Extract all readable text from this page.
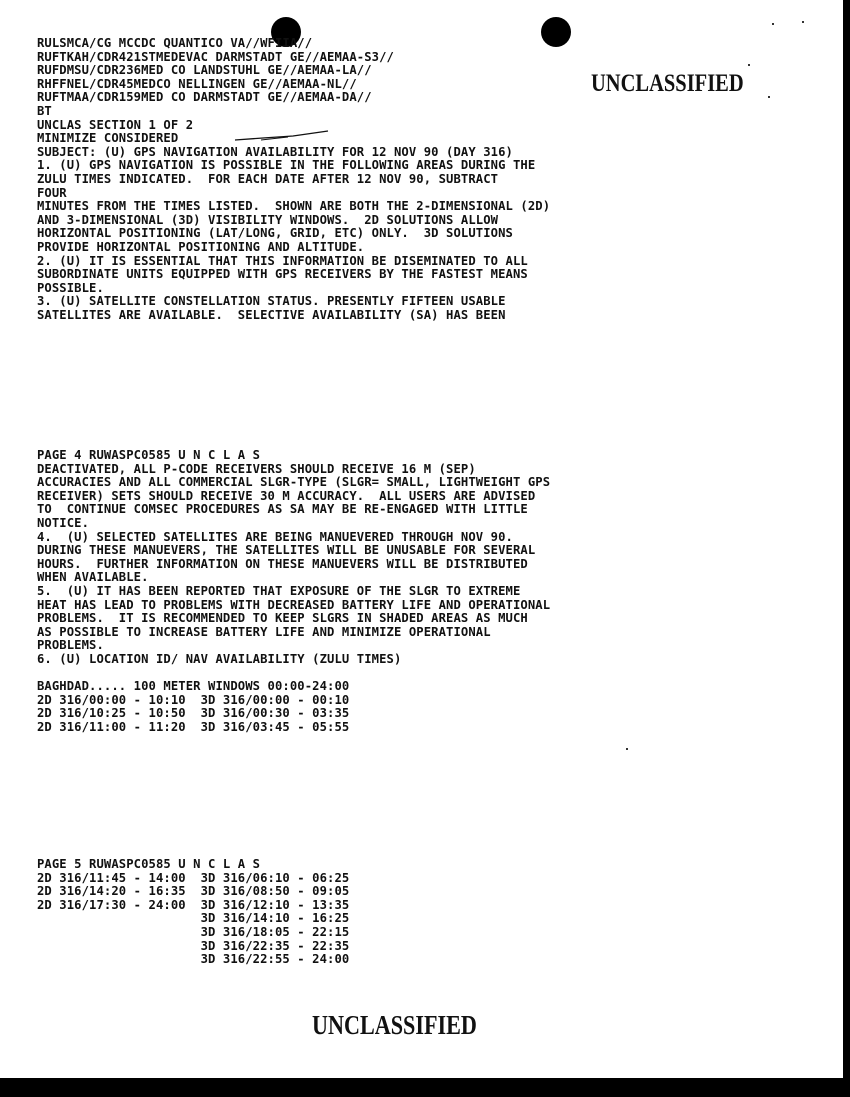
RULSMCA/CG MCCDC QUANTICO VA//WFIIA//
RUFTKAH/CDR421STMEDEVAC DARMSTADT GE//AEMAA-S3//
RUFDMSU/CDR236MED CO LANDSTUHL GE//AEMAA-LA//
RHFFNEL/CDR45MEDCO NELLINGEN GE//AEMAA-NL//
RUFTMAA/CDR159MED CO DARMSTADT GE//AEMAA-DA//
BT
UNCLAS SECTION 1 OF 2
MINIMIZE CONSIDERED
SUBJECT: (U) GPS NAVIGATION AVAILABILITY FOR 12 NOV 90 (DAY 316)
1. (U) GPS NAVIGATION IS POSSIBLE IN THE FOLLOWING AREAS DURING THE
ZULU TIMES INDICATED.  FOR EACH DATE AFTER 12 NOV 90, SUBTRACT
FOUR
MINUTES FROM THE TIMES LISTED.  SHOWN ARE BOTH THE 2-DIMENSIONAL (2D)
AND 3-DIMENSIONAL (3D) VISIBILITY WINDOWS.  2D SOLUTIONS ALLOW
HORIZONTAL POSITIONING (LAT/LONG, GRID, ETC) ONLY.  3D SOLUTIONS
PROVIDE HORIZONTAL POSITIONING AND ALTITUDE.
2. (U) IT IS ESSENTIAL THAT THIS INFORMATION BE DISEMINATED TO ALL
SUBORDINATE UNITS EQUIPPED WITH GPS RECEIVERS BY THE FASTEST MEANS
POSSIBLE.
3. (U) SATELLITE CONSTELLATION STATUS. PRESENTLY FIFTEEN USABLE
SATELLITES ARE AVAILABLE.  SELECTIVE AVAILABILITY (SA) HAS BEEN
UNCLASSIFIED
PAGE 4 RUWASPC0585 U N C L A S
DEACTIVATED, ALL P-CODE RECEIVERS SHOULD RECEIVE 16 M (SEP)
ACCURACIES AND ALL COMMERCIAL SLGR-TYPE (SLGR= SMALL, LIGHTWEIGHT GPS
RECEIVER) SETS SHOULD RECEIVE 30 M ACCURACY.  ALL USERS ARE ADVISED
TO  CONTINUE COMSEC PROCEDURES AS SA MAY BE RE-ENGAGED WITH LITTLE
NOTICE.
4.  (U) SELECTED SATELLITES ARE BEING MANUEVERED THROUGH NOV 90.
DURING THESE MANUEVERS, THE SATELLITES WILL BE UNUSABLE FOR SEVERAL
HOURS.  FURTHER INFORMATION ON THESE MANUEVERS WILL BE DISTRIBUTED
WHEN AVAILABLE.
5.  (U) IT HAS BEEN REPORTED THAT EXPOSURE OF THE SLGR TO EXTREME
HEAT HAS LEAD TO PROBLEMS WITH DECREASED BATTERY LIFE AND OPERATIONAL
PROBLEMS.  IT IS RECOMMENDED TO KEEP SLGRS IN SHADED AREAS AS MUCH
AS POSSIBLE TO INCREASE BATTERY LIFE AND MINIMIZE OPERATIONAL
PROBLEMS.
6. (U) LOCATION ID/ NAV AVAILABILITY (ZULU TIMES)

BAGHDAD..... 100 METER WINDOWS 00:00-24:00
2D 316/00:00 - 10:10  3D 316/00:00 - 00:10
2D 316/10:25 - 10:50  3D 316/00:30 - 03:35
2D 316/11:00 - 11:20  3D 316/03:45 - 05:55
PAGE 5 RUWASPC0585 U N C L A S
2D 316/11:45 - 14:00  3D 316/06:10 - 06:25
2D 316/14:20 - 16:35  3D 316/08:50 - 09:05
2D 316/17:30 - 24:00  3D 316/12:10 - 13:35
3D 316/14:10 - 16:25
3D 316/18:05 - 22:15
3D 316/22:35 - 22:35
3D 316/22:55 - 24:00
UNCLASSIFIED
